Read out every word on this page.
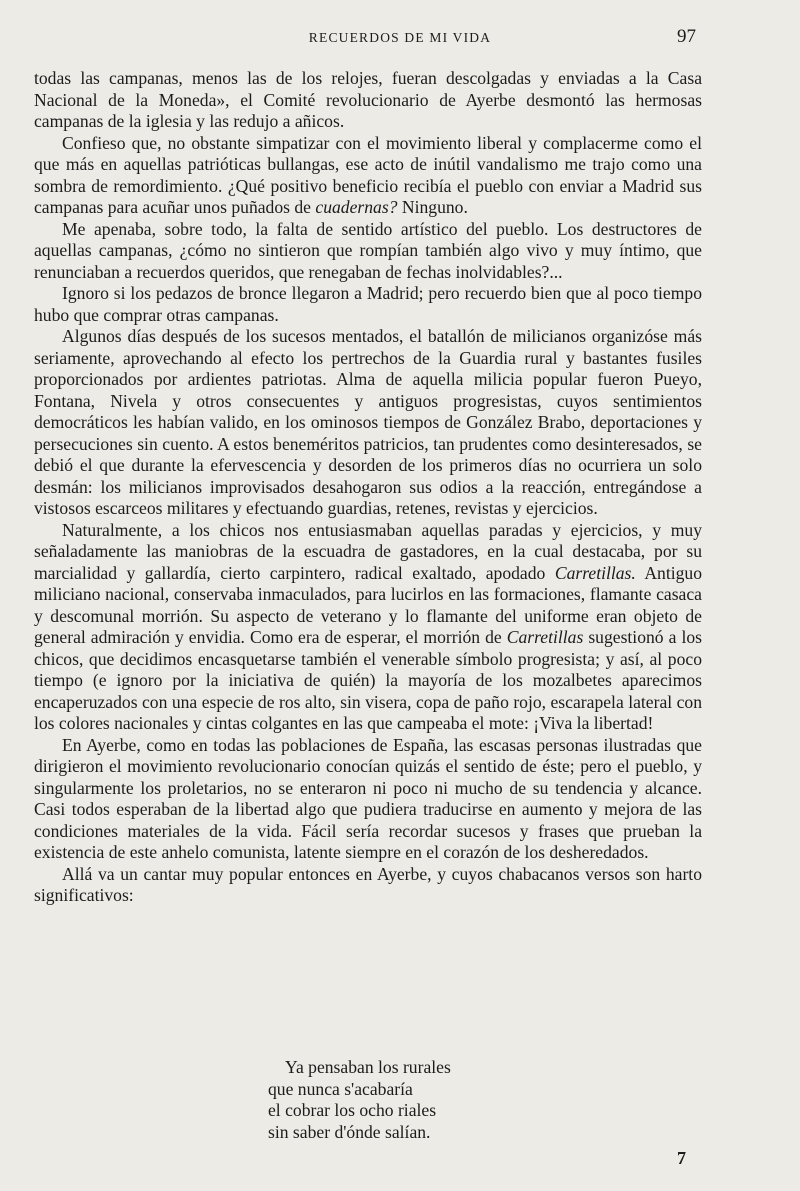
RECUERDOS DE MI VIDA	97

todas las campanas, menos las de los relojes, fueran descolgadas y enviadas a la Casa Nacional de la Moneda», el Comité revolucionario de Ayerbe desmontó las hermosas campanas de la iglesia y las redujo a añicos.

Confieso que, no obstante simpatizar con el movimiento liberal y complacerme como el que más en aquellas patrióticas bullangas, ese acto de inútil vandalismo me trajo como una sombra de remordimiento. ¿Qué positivo beneficio recibía el pueblo con enviar a Madrid sus campanas para acuñar unos puñados de cuadernas? Ninguno.

Me apenaba, sobre todo, la falta de sentido artístico del pueblo. Los destructores de aquellas campanas, ¿cómo no sintieron que rompían también algo vivo y muy íntimo, que renunciaban a recuerdos queridos, que renegaban de fechas inolvidables?...

Ignoro si los pedazos de bronce llegaron a Madrid; pero recuerdo bien que al poco tiempo hubo que comprar otras campanas.

Algunos días después de los sucesos mentados, el batallón de milicianos organizóse más seriamente, aprovechando al efecto los pertrechos de la Guardia rural y bastantes fusiles proporcionados por ardientes patriotas. Alma de aquella milicia popular fueron Pueyo, Fontana, Nivela y otros consecuentes y antiguos progresistas, cuyos sentimientos democráticos les habían valido, en los ominosos tiempos de González Brabo, deportaciones y persecuciones sin cuento. A estos beneméritos patricios, tan prudentes como desinteresados, se debió el que durante la efervescencia y desorden de los primeros días no ocurriera un solo desmán: los milicianos improvisados desahogaron sus odios a la reacción, entregándose a vistosos escarceos militares y efectuando guardias, retenes, revistas y ejercicios.

Naturalmente, a los chicos nos entusiasmaban aquellas paradas y ejercicios, y muy señaladamente las maniobras de la escuadra de gastadores, en la cual destacaba, por su marcialidad y gallardía, cierto carpintero, radical exaltado, apodado Carretillas. Antiguo miliciano nacional, conservaba inmaculados, para lucirlos en las formaciones, flamante casaca y descomunal morrión. Su aspecto de veterano y lo flamante del uniforme eran objeto de general admiración y envidia. Como era de esperar, el morrión de Carretillas sugestionó a los chicos, que decidimos encasquetarse también el venerable símbolo progresista; y así, al poco tiempo (e ignoro por la iniciativa de quién) la mayoría de los mozalbetes aparecimos encaperuzados con una especie de ros alto, sin visera, copa de paño rojo, escarapela lateral con los colores nacionales y cintas colgantes en las que campeaba el mote: ¡Viva la libertad!

En Ayerbe, como en todas las poblaciones de España, las escasas personas ilustradas que dirigieron el movimiento revolucionario conocían quizás el sentido de éste; pero el pueblo, y singularmente los proletarios, no se enteraron ni poco ni mucho de su tendencia y alcance. Casi todos esperaban de la libertad algo que pudiera traducirse en aumento y mejora de las condiciones materiales de la vida. Fácil sería recordar sucesos y frases que prueban la existencia de este anhelo comunista, latente siempre en el corazón de los desheredados.

Allá va un cantar muy popular entonces en Ayerbe, y cuyos chabacanos versos son harto significativos:

Ya pensaban los rurales
que nunca s'acabaría
el cobrar los ocho riales
sin saber d'ónde salían.
7
